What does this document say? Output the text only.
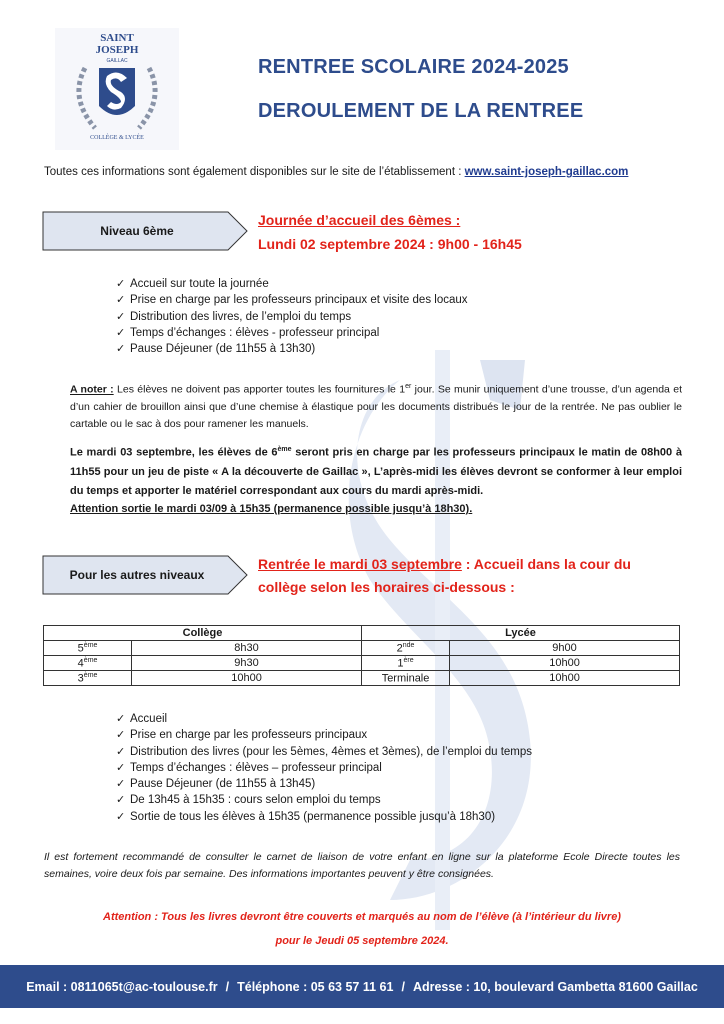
SAINT
JOSEPH
GAILLAC
COLLÈGE & LYCÉE
RENTREE SCOLAIRE 2024-2025
DEROULEMENT DE LA RENTREE
Toutes ces informations sont également disponibles sur le site de l’établissement : www.saint-joseph-gaillac.com
Niveau 6ème
Journée d’accueil des 6èmes :
Lundi 02 septembre 2024 : 9h00 - 16h45
✓ Accueil sur toute la journée
✓ Prise en charge par les professeurs principaux et visite des locaux
✓ Distribution des livres, de l’emploi du temps
✓ Temps d’échanges : élèves - professeur principal
✓ Pause Déjeuner (de 11h55 à 13h30)
A noter : Les élèves ne doivent pas apporter toutes les fournitures le 1er jour. Se munir uniquement d’une trousse, d’un agenda et d’un cahier de brouillon ainsi que d’une chemise à élastique pour les documents distribués le jour de la rentrée. Ne pas oublier le cartable ou le sac à dos pour ramener les manuels.
Le mardi 03 septembre, les élèves de 6ème seront pris en charge par les professeurs principaux le matin de 08h00 à 11h55 pour un jeu de piste « A la découverte de Gaillac », L’après-midi les élèves devront se conformer à leur emploi du temps et apporter le matériel correspondant aux cours du mardi après-midi.
Attention sortie le mardi 03/09 à 15h35 (permanence possible jusqu’à 18h30).
Pour les autres niveaux
Rentrée le mardi 03 septembre : Accueil dans la cour du
collège selon les horaires ci-dessous :
Collège		Lycée	
5ème	8h30	2nde	9h00
4ème	9h30	1ère	10h00
3ème	10h00	Terminale	10h00
✓ Accueil
✓ Prise en charge par les professeurs principaux
✓ Distribution des livres (pour les 5èmes, 4èmes et 3èmes), de l’emploi du temps
✓ Temps d’échanges : élèves – professeur principal
✓ Pause Déjeuner (de 11h55 à 13h45)
✓ De 13h45 à 15h35 : cours selon emploi du temps
✓ Sortie de tous les élèves à 15h35 (permanence possible jusqu’à 18h30)
Il est fortement recommandé de consulter le carnet de liaison de votre enfant en ligne sur la plateforme Ecole Directe toutes les semaines, voire deux fois par semaine. Des informations importantes peuvent y être consignées.
Attention : Tous les livres devront être couverts et marqués au nom de l’élève (à l’intérieur du livre)
pour le Jeudi 05 septembre 2024.
Email : 0811065t@ac-toulouse.fr / Téléphone : 05 63 57 11 61 / Adresse : 10, boulevard Gambetta 81600 Gaillac
